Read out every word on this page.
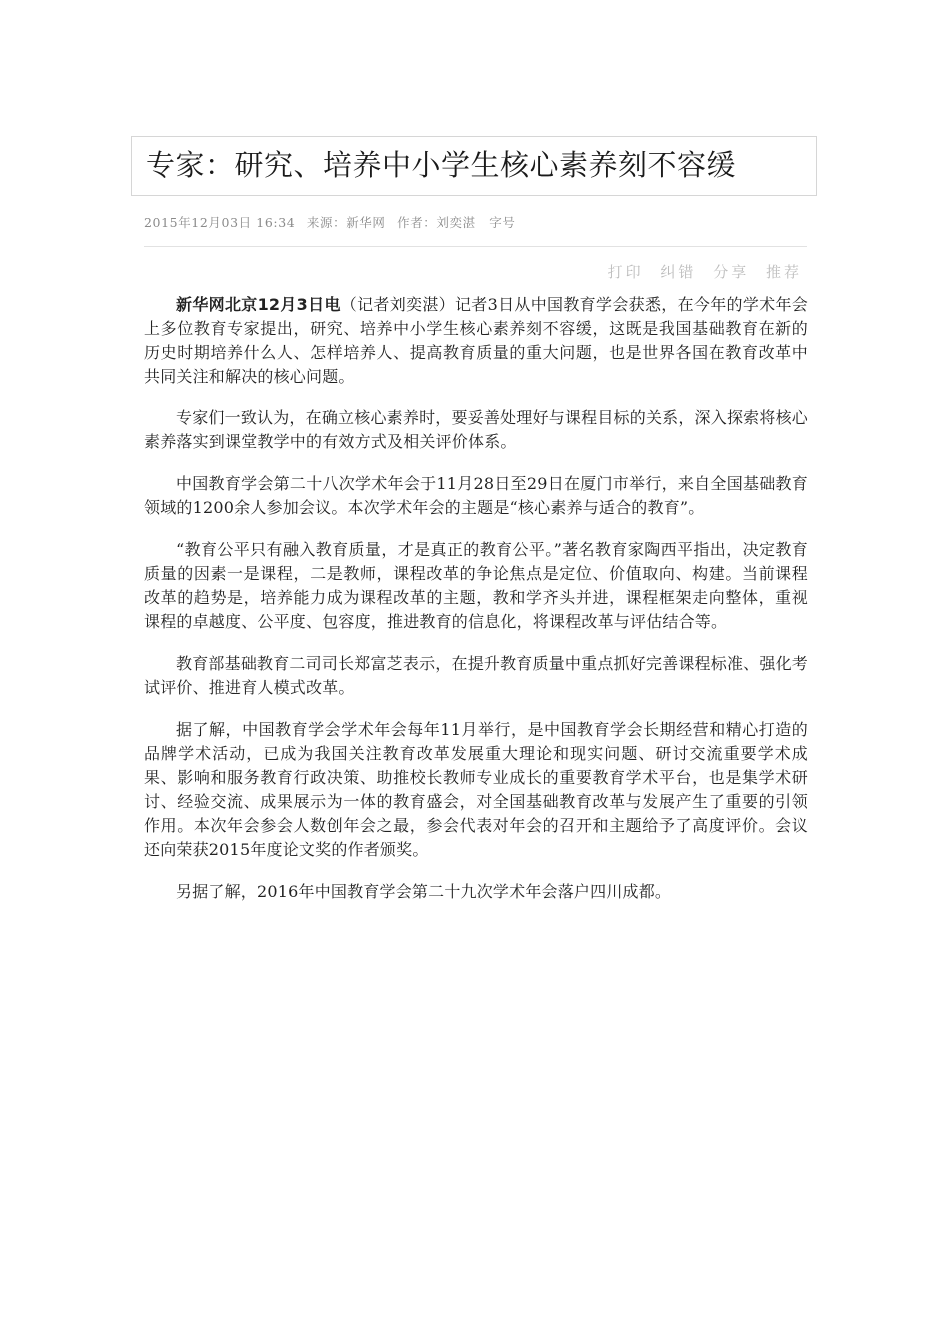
专家：研究、培养中小学生核心素养刻不容缓
2015年12月03日 16:34 来源：新华网 作者：刘奕湛 字号
打印 纠错 分享 推荐

新华网北京12月3日电（记者刘奕湛）记者3日从中国教育学会获悉，在今年的学术年会上多位教育专家提出，研究、培养中小学生核心素养刻不容缓，这既是我国基础教育在新的历史时期培养什么人、怎样培养人、提高教育质量的重大问题，也是世界各国在教育改革中共同关注和解决的核心问题。

专家们一致认为，在确立核心素养时，要妥善处理好与课程目标的关系，深入探索将核心素养落实到课堂教学中的有效方式及相关评价体系。

中国教育学会第二十八次学术年会于11月28日至29日在厦门市举行，来自全国基础教育领域的1200余人参加会议。本次学术年会的主题是“核心素养与适合的教育”。

“教育公平只有融入教育质量，才是真正的教育公平。”著名教育家陶西平指出，决定教育质量的因素一是课程，二是教师，课程改革的争论焦点是定位、价值取向、构建。当前课程改革的趋势是，培养能力成为课程改革的主题，教和学齐头并进，课程框架走向整体，重视课程的卓越度、公平度、包容度，推进教育的信息化，将课程改革与评估结合等。

教育部基础教育二司司长郑富芝表示，在提升教育质量中重点抓好完善课程标准、强化考试评价、推进育人模式改革。

据了解，中国教育学会学术年会每年11月举行，是中国教育学会长期经营和精心打造的品牌学术活动，已成为我国关注教育改革发展重大理论和现实问题、研讨交流重要学术成果、影响和服务教育行政决策、助推校长教师专业成长的重要教育学术平台，也是集学术研讨、经验交流、成果展示为一体的教育盛会，对全国基础教育改革与发展产生了重要的引领作用。本次年会参会人数创年会之最，参会代表对年会的召开和主题给予了高度评价。会议还向荣获2015年度论文奖的作者颁奖。

另据了解，2016年中国教育学会第二十九次学术年会落户四川成都。
